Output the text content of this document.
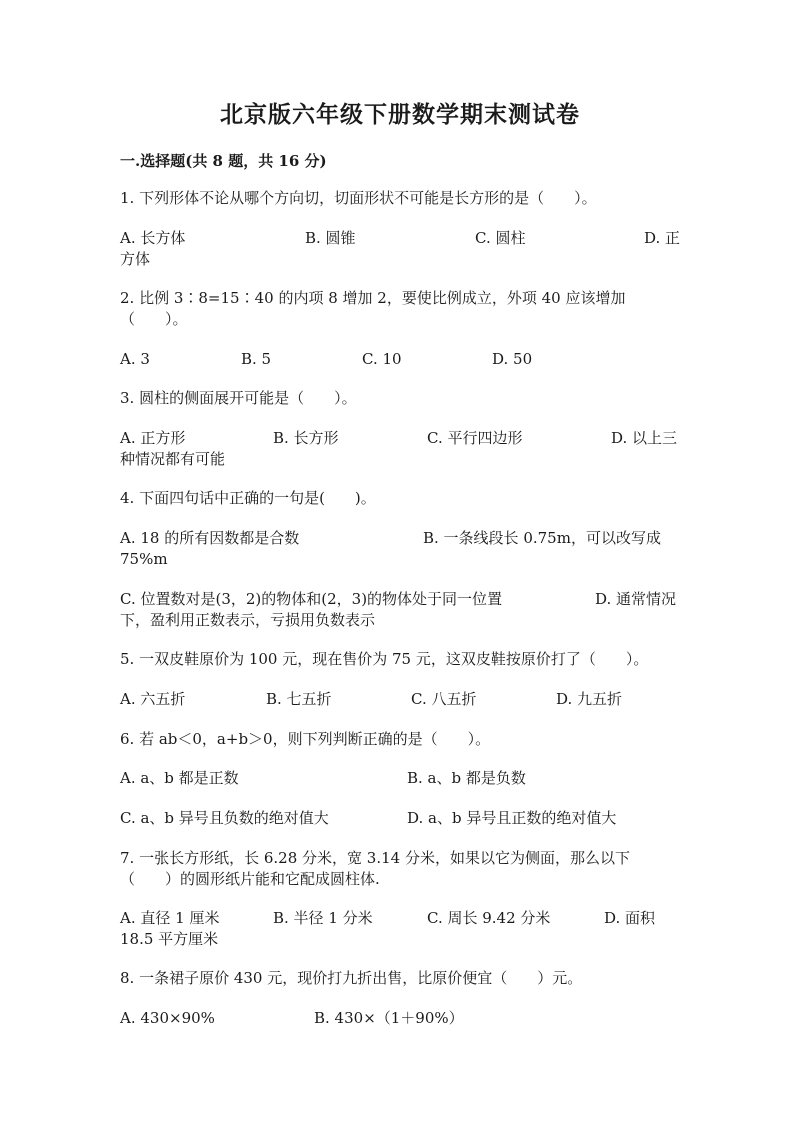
北京版六年级下册数学期末测试卷
一.选择题(共 8 题，共 16 分)
1. 下列形体不论从哪个方向切，切面形状不可能是长方形的是（　　）。
A. 长方体	B. 圆锥	C. 圆柱	D. 正
方体
2. 比例 3∶8=15∶40 的内项 8 增加 2，要使比例成立，外项 40 应该增加
（　　）。
A. 3	B. 5	C. 10	D. 50
3. 圆柱的侧面展开可能是（　　）。
A. 正方形	B. 长方形	C. 平行四边形	D. 以上三
种情况都有可能
4. 下面四句话中正确的一句是(　　)。
A. 18 的所有因数都是合数	B. 一条线段长 0.75m，可以改写成
75%m
C. 位置数对是(3，2)的物体和(2，3)的物体处于同一位置	D. 通常情况
下，盈利用正数表示，亏损用负数表示
5. 一双皮鞋原价为 100 元，现在售价为 75 元，这双皮鞋按原价打了（　　）。
A. 六五折	B. 七五折	C. 八五折	D. 九五折
6. 若 ab＜0，a+b＞0，则下列判断正确的是（　　）。
A. a、b 都是正数	B. a、b 都是负数
C. a、b 异号且负数的绝对值大	D. a、b 异号且正数的绝对值大
7. 一张长方形纸，长 6.28 分米，宽 3.14 分米，如果以它为侧面，那么以下
（　　）的圆形纸片能和它配成圆柱体.
A. 直径 1 厘米	B. 半径 1 分米	C. 周长 9.42 分米	D. 面积
18.5 平方厘米
8. 一条裙子原价 430 元，现价打九折出售，比原价便宜（　　）元。
A. 430×90%	B. 430×（1＋90%）
